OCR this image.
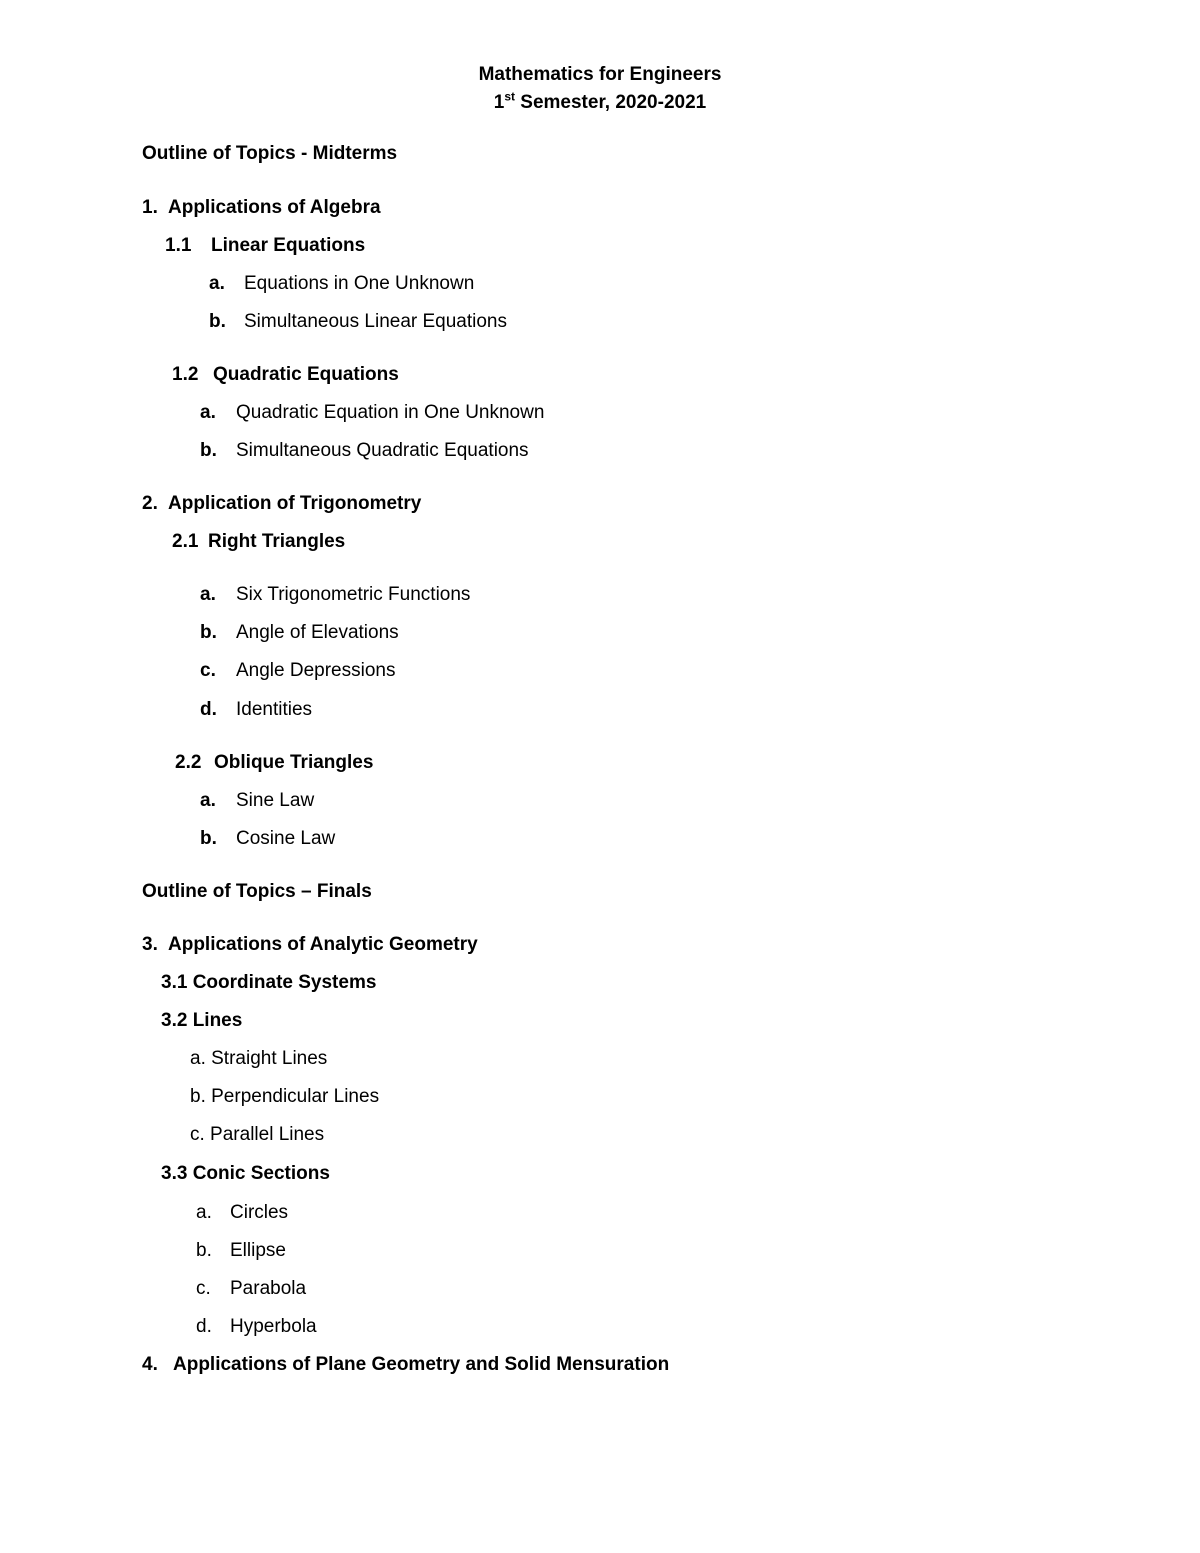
Mathematics for Engineers
1st Semester, 2020-2021
Outline of Topics - Midterms
1. Applications of Algebra
1.1 Linear Equations
a. Equations in One Unknown
b. Simultaneous Linear Equations
1.2 Quadratic Equations
a. Quadratic Equation in One Unknown
b. Simultaneous Quadratic Equations
2. Application of Trigonometry
2.1 Right Triangles
a. Six Trigonometric Functions
b. Angle of Elevations
c. Angle Depressions
d. Identities
2.2 Oblique Triangles
a. Sine Law
b. Cosine Law
Outline of Topics – Finals
3. Applications of Analytic Geometry
3.1 Coordinate Systems
3.2 Lines
a. Straight Lines
b. Perpendicular Lines
c. Parallel Lines
3.3 Conic Sections
a. Circles
b. Ellipse
c. Parabola
d. Hyperbola
4. Applications of Plane Geometry and Solid Mensuration
